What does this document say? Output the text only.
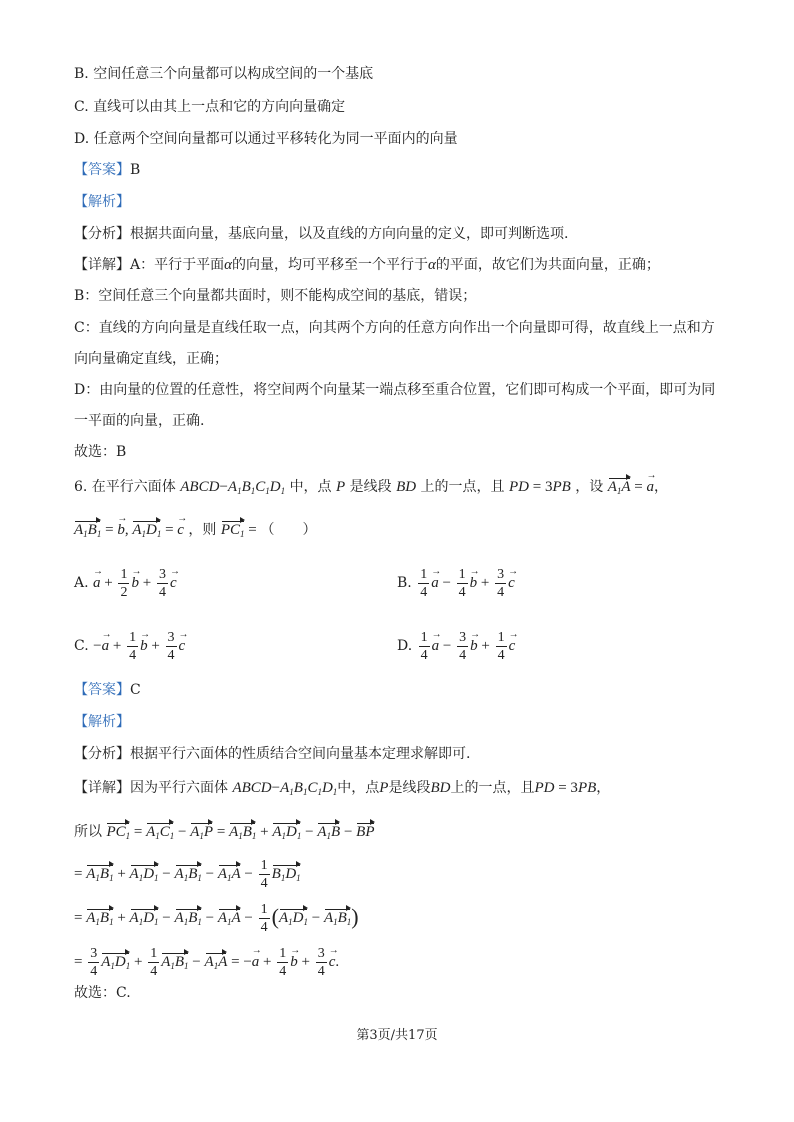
B. 空间任意三个向量都可以构成空间的一个基底
C. 直线可以由其上一点和它的方向向量确定
D. 任意两个空间向量都可以通过平移转化为同一平面内的向量
【答案】B
【解析】
【分析】根据共面向量，基底向量，以及直线的方向向量的定义，即可判断选项.
【详解】A：平行于平面α的向量，均可平移至一个平行于α的平面，故它们为共面向量，正确；
B：空间任意三个向量都共面时，则不能构成空间的基底，错误；
C：直线的方向向量是直线任取一点，向其两个方向的任意方向作出一个向量即可得，故直线上一点和方
向向量确定直线，正确；
D：由向量的位置的任意性，将空间两个向量某一端点移至重合位置，它们即可构成一个平面，即可为同
一平面的向量，正确.
故选：B
6. 在平行六面体 $ABCD-A_1B_1C_1D_1$ 中，点 P 是线段 BD 上的一点，且 PD = 3PB ，设 $A_1A = a$ →，
$A_1B_1 = b$ →, $A_1D_1 = c$ → ，则 $PC_1$ = （　　）
A. a → + $\frac{1}{2}$ b → + $\frac{3}{4}$ c →	B. $\frac{1}{4}$ a → − $\frac{1}{4}$ b → + $\frac{3}{4}$ c →
C. −a → + $\frac{1}{4}$ b → + $\frac{3}{4}$ c →	D. $\frac{1}{4}$ a → − $\frac{3}{4}$ b → + $\frac{1}{4}$ c →
【答案】C
【解析】
【分析】根据平行六面体的性质结合空间向量基本定理求解即可.
【详解】因为平行六面体 $ABCD-A_1B_1C_1D_1$中，点P是线段BD上的一点，且PD = 3PB，
所以 $PC_1 = A_1C_1 - A_1P = A_1B_1 + A_1D_1 - A_1B$ − BP
= $A_1B_1 + A_1D_1 - A_1B_1 - A_1A - \frac{1}{4} B_1D_1$
= $A_1B_1 + A_1D_1 - A_1B_1 - A_1A - \frac{1}{4} (A_1D_1 - A_1B_1)$
= $\frac{3}{4} A_1D_1 + \frac{1}{4} A_1B_1 - A_1A = -a$ → + $\frac{1}{4}$ b → + $\frac{3}{4}$ c →.
故选：C.
第3页/共17页
